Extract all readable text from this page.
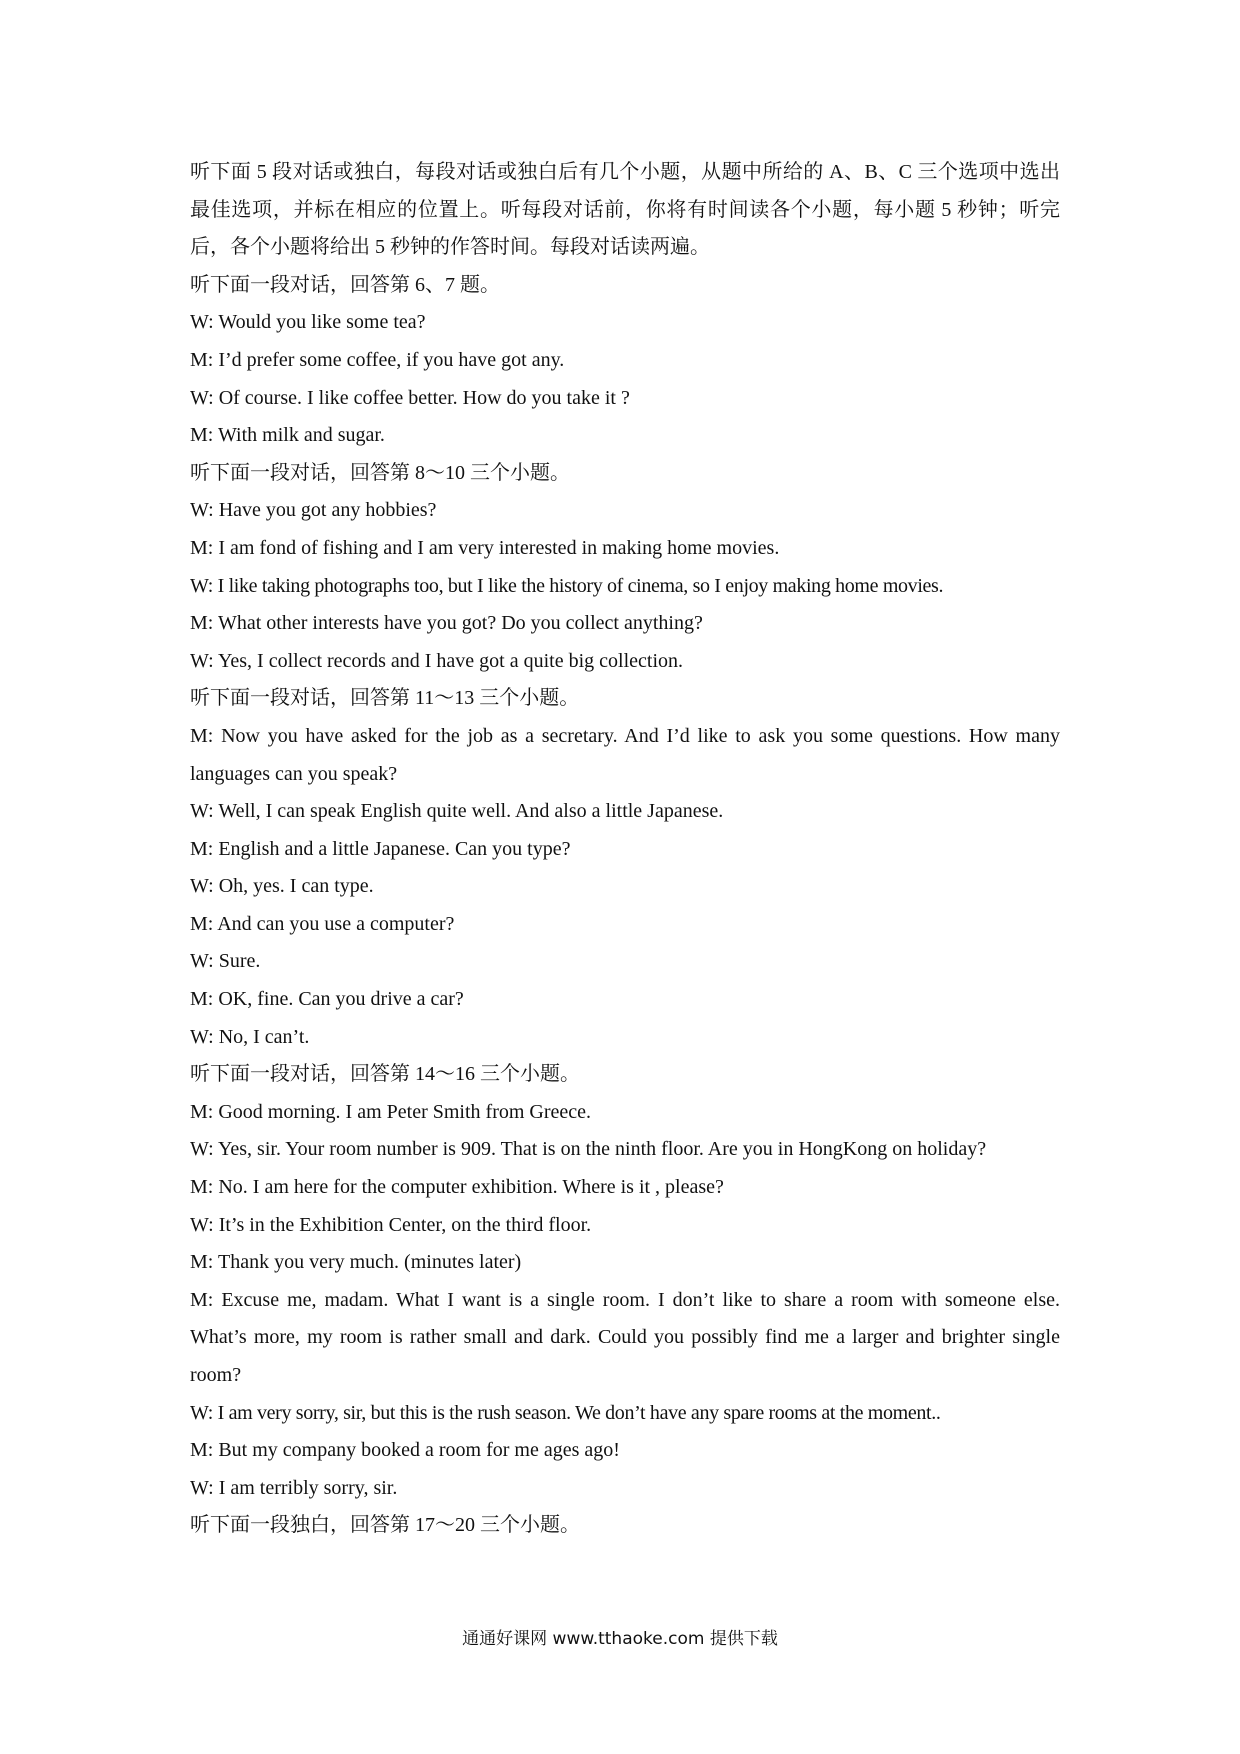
听下面 5 段对话或独白，每段对话或独白后有几个小题，从题中所给的 A、B、C 三个选项中选出最佳选项，并标在相应的位置上。听每段对话前，你将有时间读各个小题，每小题 5 秒钟；听完后，各个小题将给出 5 秒钟的作答时间。每段对话读两遍。
听下面一段对话，回答第 6、7 题。
W: Would you like some tea?
M: I’d prefer some coffee, if you have got any.
W: Of course. I like coffee better. How do you take it ?
M: With milk and sugar.
听下面一段对话，回答第 8～10 三个小题。
W: Have you got any hobbies?
M: I am fond of fishing and I am very interested in making home movies.
W: I like taking photographs too, but I like the history of cinema, so I enjoy making home movies.
M: What other interests have you got? Do you collect anything?
W: Yes, I collect records and I have got a quite big collection.
听下面一段对话，回答第 11～13 三个小题。
M: Now you have asked for the job as a secretary. And I’d like to ask you some questions. How many languages can you speak?
W: Well, I can speak English quite well. And also a little Japanese.
M: English and a little Japanese. Can you type?
W: Oh, yes. I can type.
M: And can you use a computer?
W: Sure.
M: OK, fine. Can you drive a car?
W: No, I can’t.
听下面一段对话，回答第 14～16 三个小题。
M: Good morning. I am Peter Smith from Greece.
W: Yes, sir. Your room number is 909. That is on the ninth floor. Are you in HongKong on holiday?
M: No. I am here for the computer exhibition. Where is it , please?
W: It’s in the Exhibition Center, on the third floor.
M: Thank you very much. (minutes later)
M: Excuse me, madam. What I want is a single room. I don’t like to share a room with someone else. What’s more, my room is rather small and dark. Could you possibly find me a larger and brighter single room?
W: I am very sorry, sir, but this is the rush season. We don’t have any spare rooms at the moment..
M: But my company booked a room for me ages ago!
W: I am terribly sorry, sir.
听下面一段独白，回答第 17～20 三个小题。
通通好课网 www.tthaoke.com 提供下载
